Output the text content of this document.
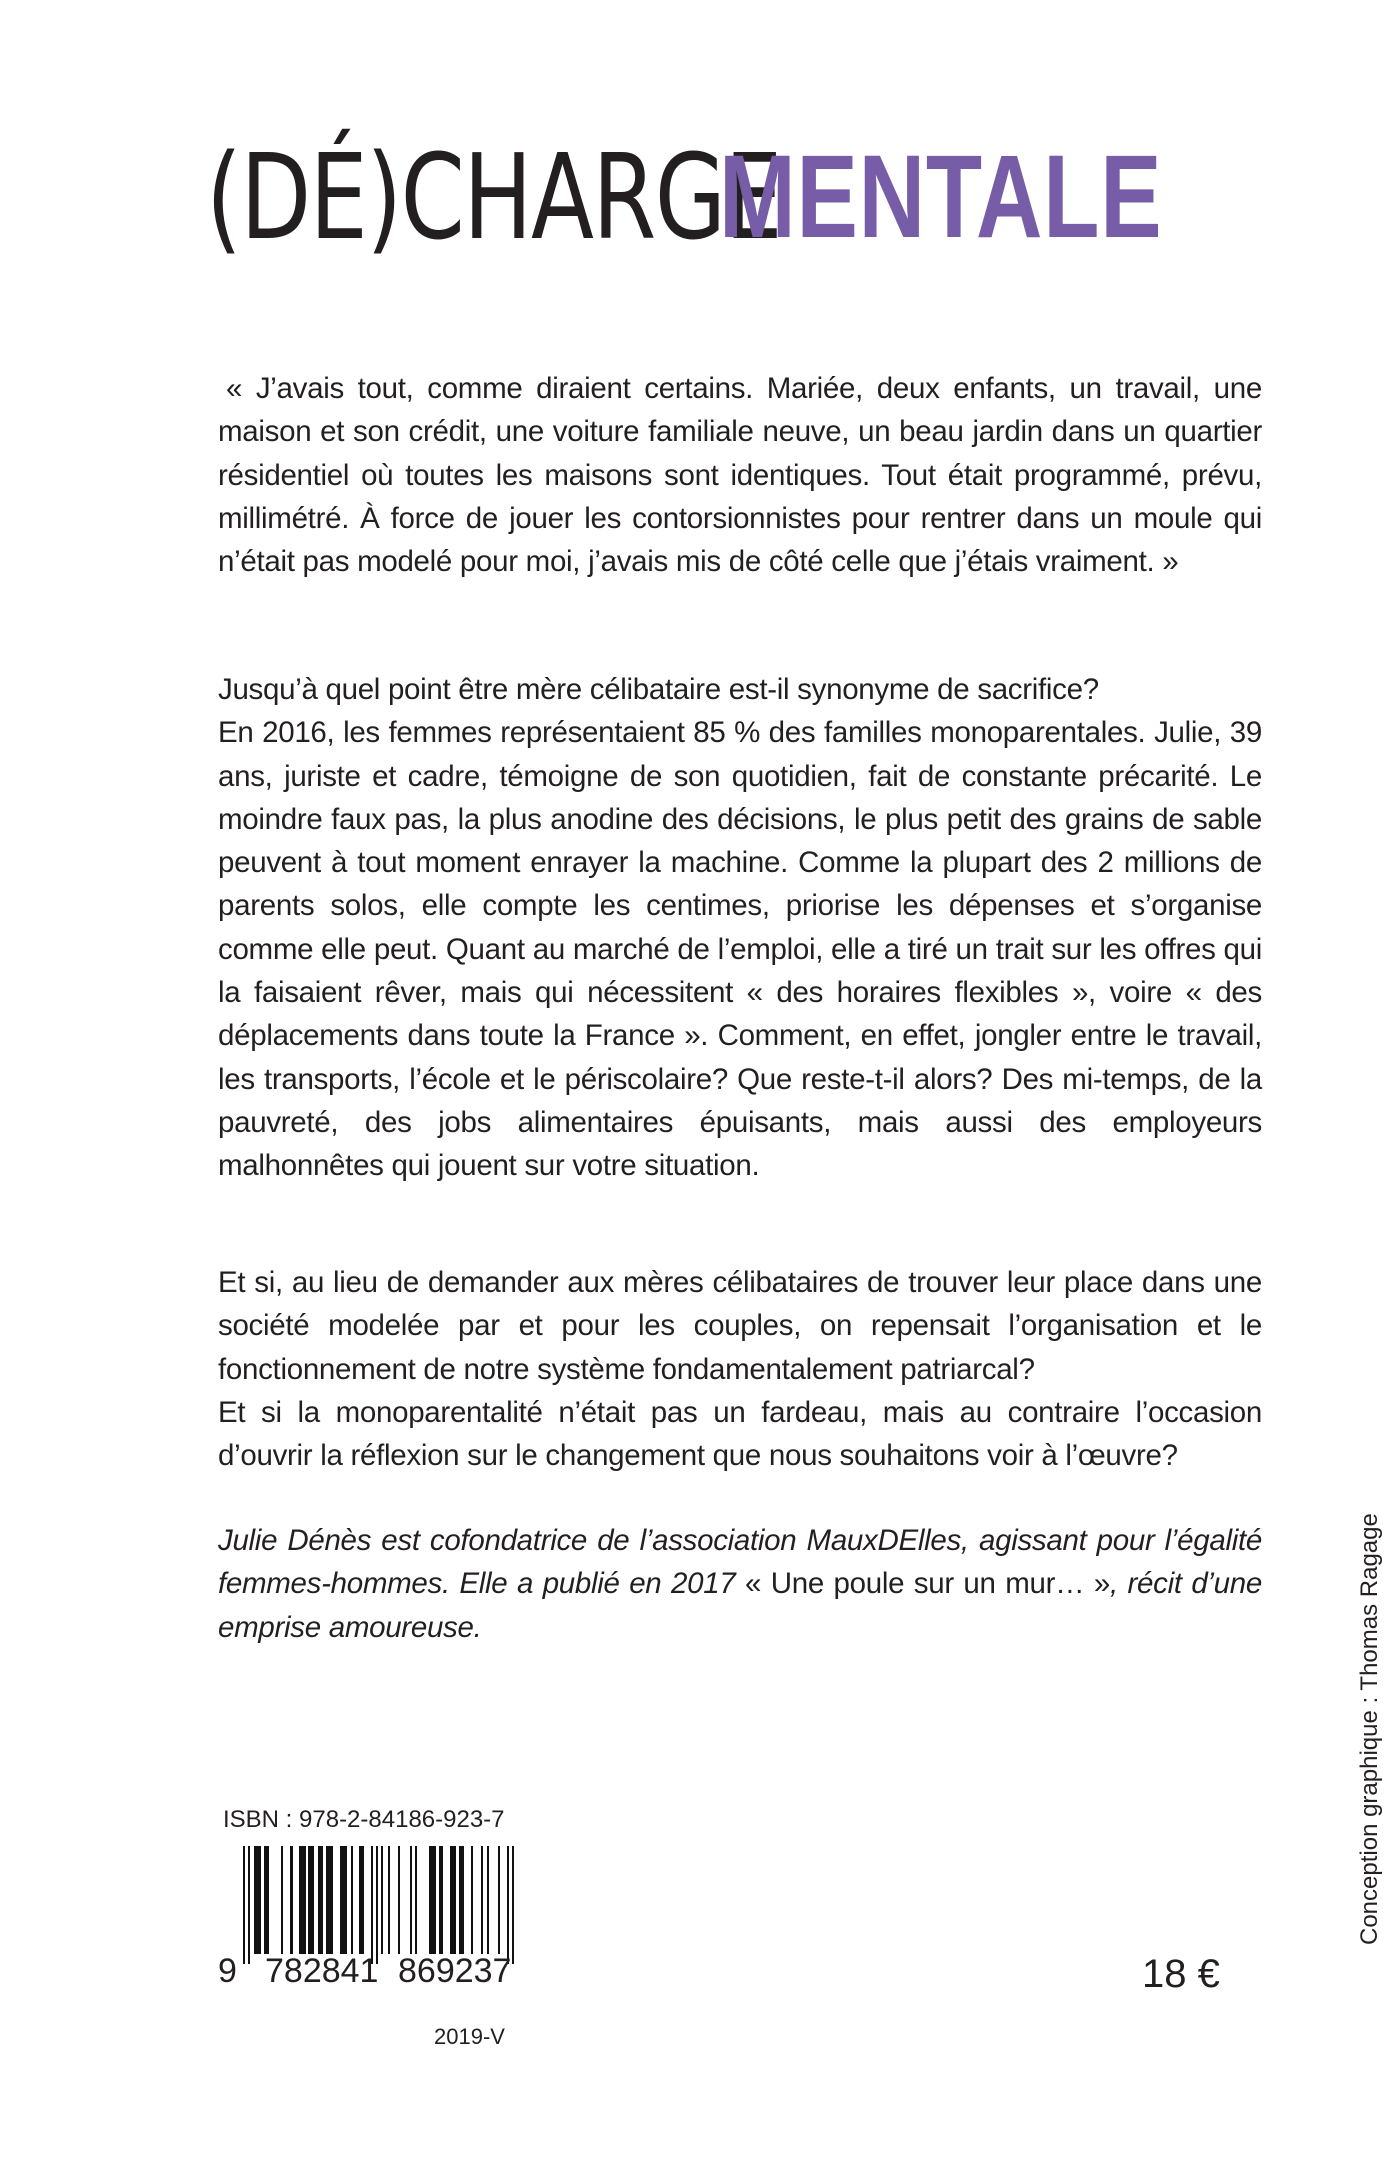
(DÉ)CHARGE
MENTALE

« J’avais tout, comme diraient certains. Mariée, deux enfants, un travail, une maison et son crédit, une voiture familiale neuve, un beau jardin dans un quartier résidentiel où toutes les maisons sont identiques. Tout était programmé, prévu, millimétré. À force de jouer les contorsionnistes pour rentrer dans un moule qui n’était pas modelé pour moi, j’avais mis de côté celle que j’étais vraiment. »

Jusqu’à quel point être mère célibataire est-il synonyme de sacrifice?

En 2016, les femmes représentaient 85 % des familles monoparentales. Julie, 39 ans, juriste et cadre, témoigne de son quotidien, fait de constante précarité. Le moindre faux pas, la plus anodine des décisions, le plus petit des grains de sable peuvent à tout moment enrayer la machine. Comme la plupart des 2 millions de parents solos, elle compte les centimes, priorise les dépenses et s’organise comme elle peut. Quant au marché de l’emploi, elle a tiré un trait sur les offres qui la faisaient rêver, mais qui nécessitent « des horaires flexibles », voire « des déplacements dans toute la France ». Comment, en effet, jongler entre le travail, les transports, l’école et le périscolaire? Que reste-t-il alors? Des mi-temps, de la pauvreté, des jobs alimentaires épuisants, mais aussi des employeurs malhonnêtes qui jouent sur votre situation.

Et si, au lieu de demander aux mères célibataires de trouver leur place dans une société modelée par et pour les couples, on repensait l’organisation et le fonctionnement de notre système fondamentalement patriarcal?

Et si la monoparentalité n’était pas un fardeau, mais au contraire l’occasion d’ouvrir la réflexion sur le changement que nous souhaitons voir à l’œuvre?

Julie Dénès est cofondatrice de l’association MauxDElles, agissant pour l’égalité femmes-hommes. Elle a publié en 2017 « Une poule sur un mur… », récit d’une emprise amoureuse.

ISBN : 978-2-84186-923-7
9 782841 869237
2019-V
18 €
Conception graphique : Thomas Ragage
